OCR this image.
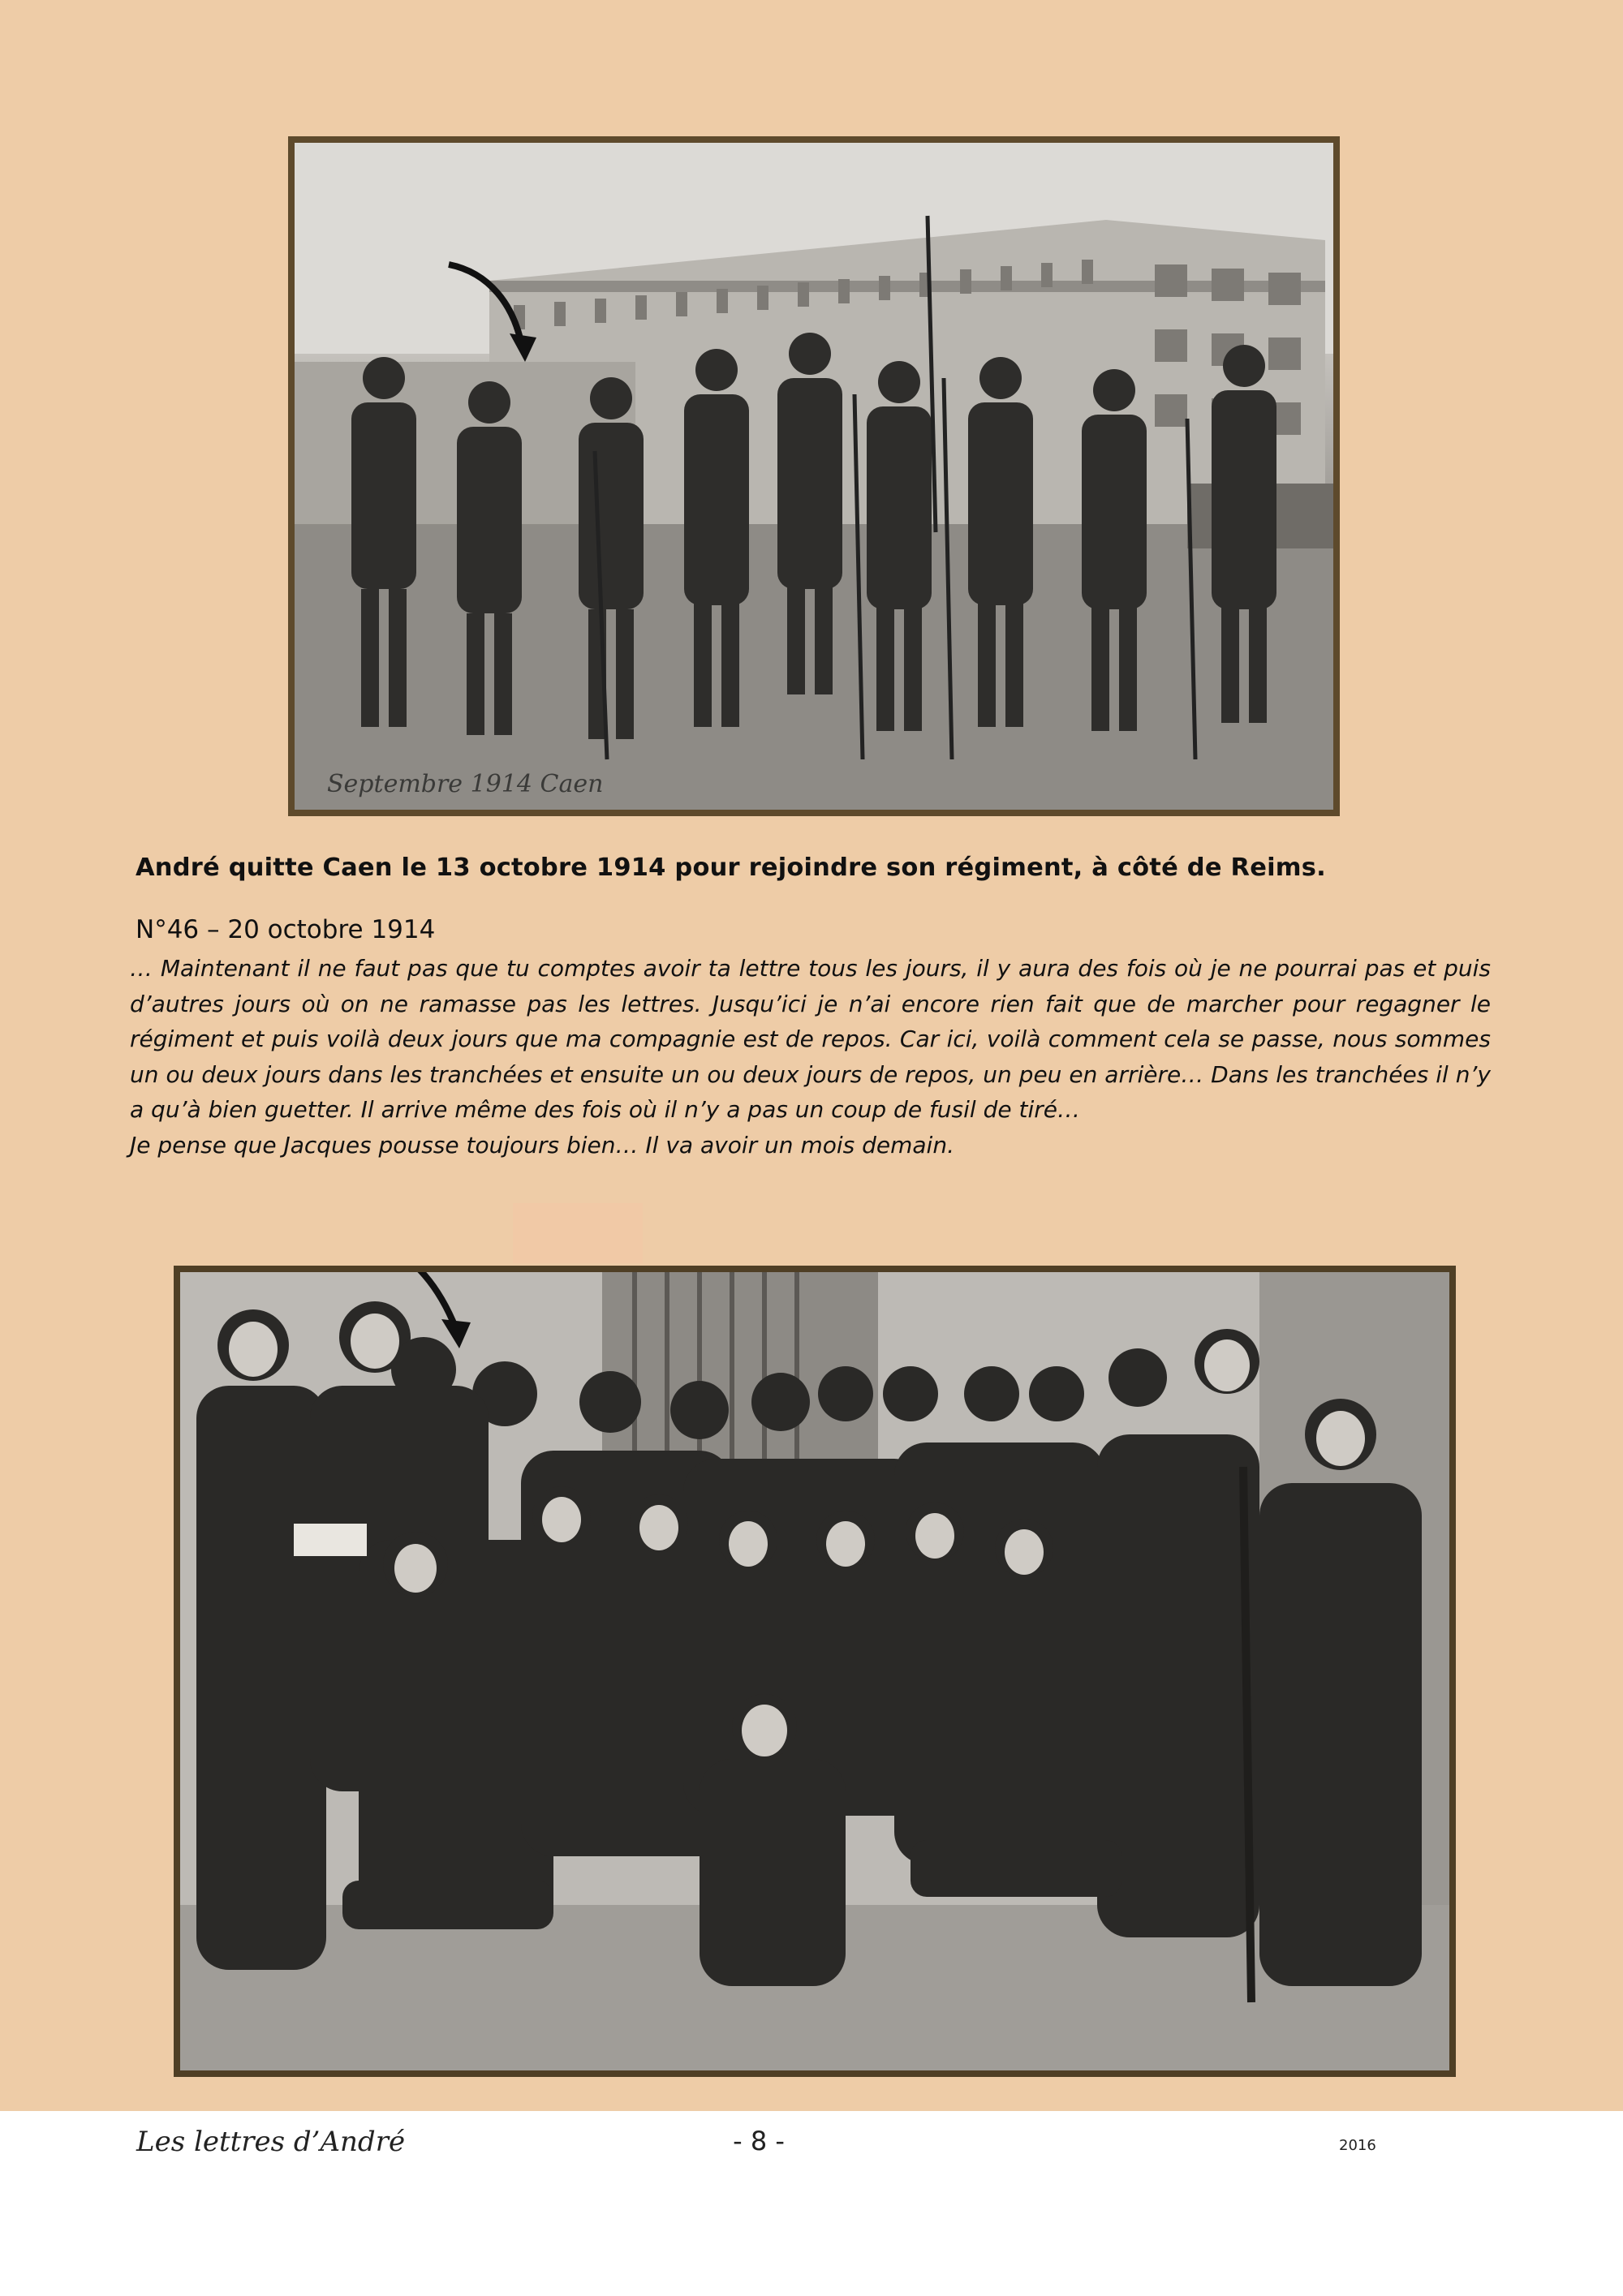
Septembre 1914 Caen
André quitte Caen le 13 octobre 1914 pour rejoindre son régiment, à côté de Reims.
N°46 – 20 octobre 1914

… Maintenant il ne faut pas que tu comptes avoir ta lettre tous les jours, il y aura des fois où je ne pourrai pas et puis d’autres jours où on ne ramasse pas les lettres. Jusqu’ici je n’ai encore rien fait que de marcher pour regagner le régiment et puis voilà deux jours que ma compagnie est de repos. Car ici, voilà comment cela se passe, nous sommes un ou deux jours dans les tranchées et ensuite un ou deux jours de repos, un peu en arrière… Dans les tranchées il n’y a qu’à bien guetter. Il arrive même des fois où il n’y a pas un coup de fusil de tiré…

Je pense que Jacques pousse toujours bien… Il va avoir un mois demain.

Les lettres d’André	- 8 -	2016
